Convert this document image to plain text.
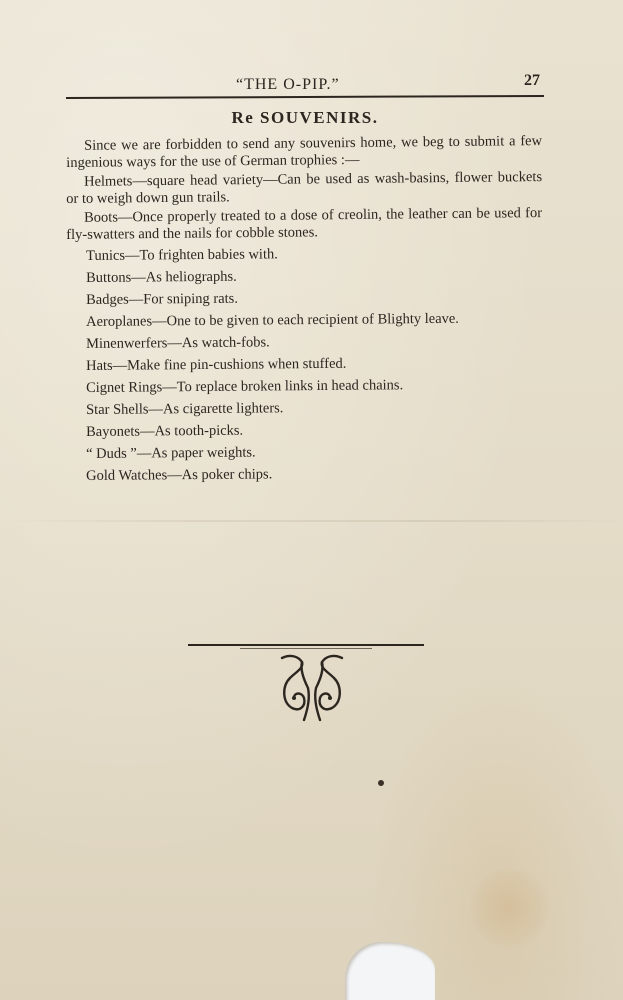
“THE O-PIP.”	27
Re SOUVENIRS.
Since we are forbidden to send any souvenirs home, we beg to submit a few ingenious ways for the use of German trophies :—
Helmets—square head variety—Can be used as wash-basins, flower buckets or to weigh down gun trails.
Boots—Once properly treated to a dose of creolin, the leather can be used for fly-swatters and the nails for cobble stones.
Tunics—To frighten babies with.
Buttons—As heliographs.
Badges—For sniping rats.
Aeroplanes—One to be given to each recipient of Blighty leave.
Minenwerfers—As watch-fobs.
Hats—Make fine pin-cushions when stuffed.
Cignet Rings—To replace broken links in head chains.
Star Shells—As cigarette lighters.
Bayonets—As tooth-picks.
“ Duds ”—As paper weights.
Gold Watches—As poker chips.
